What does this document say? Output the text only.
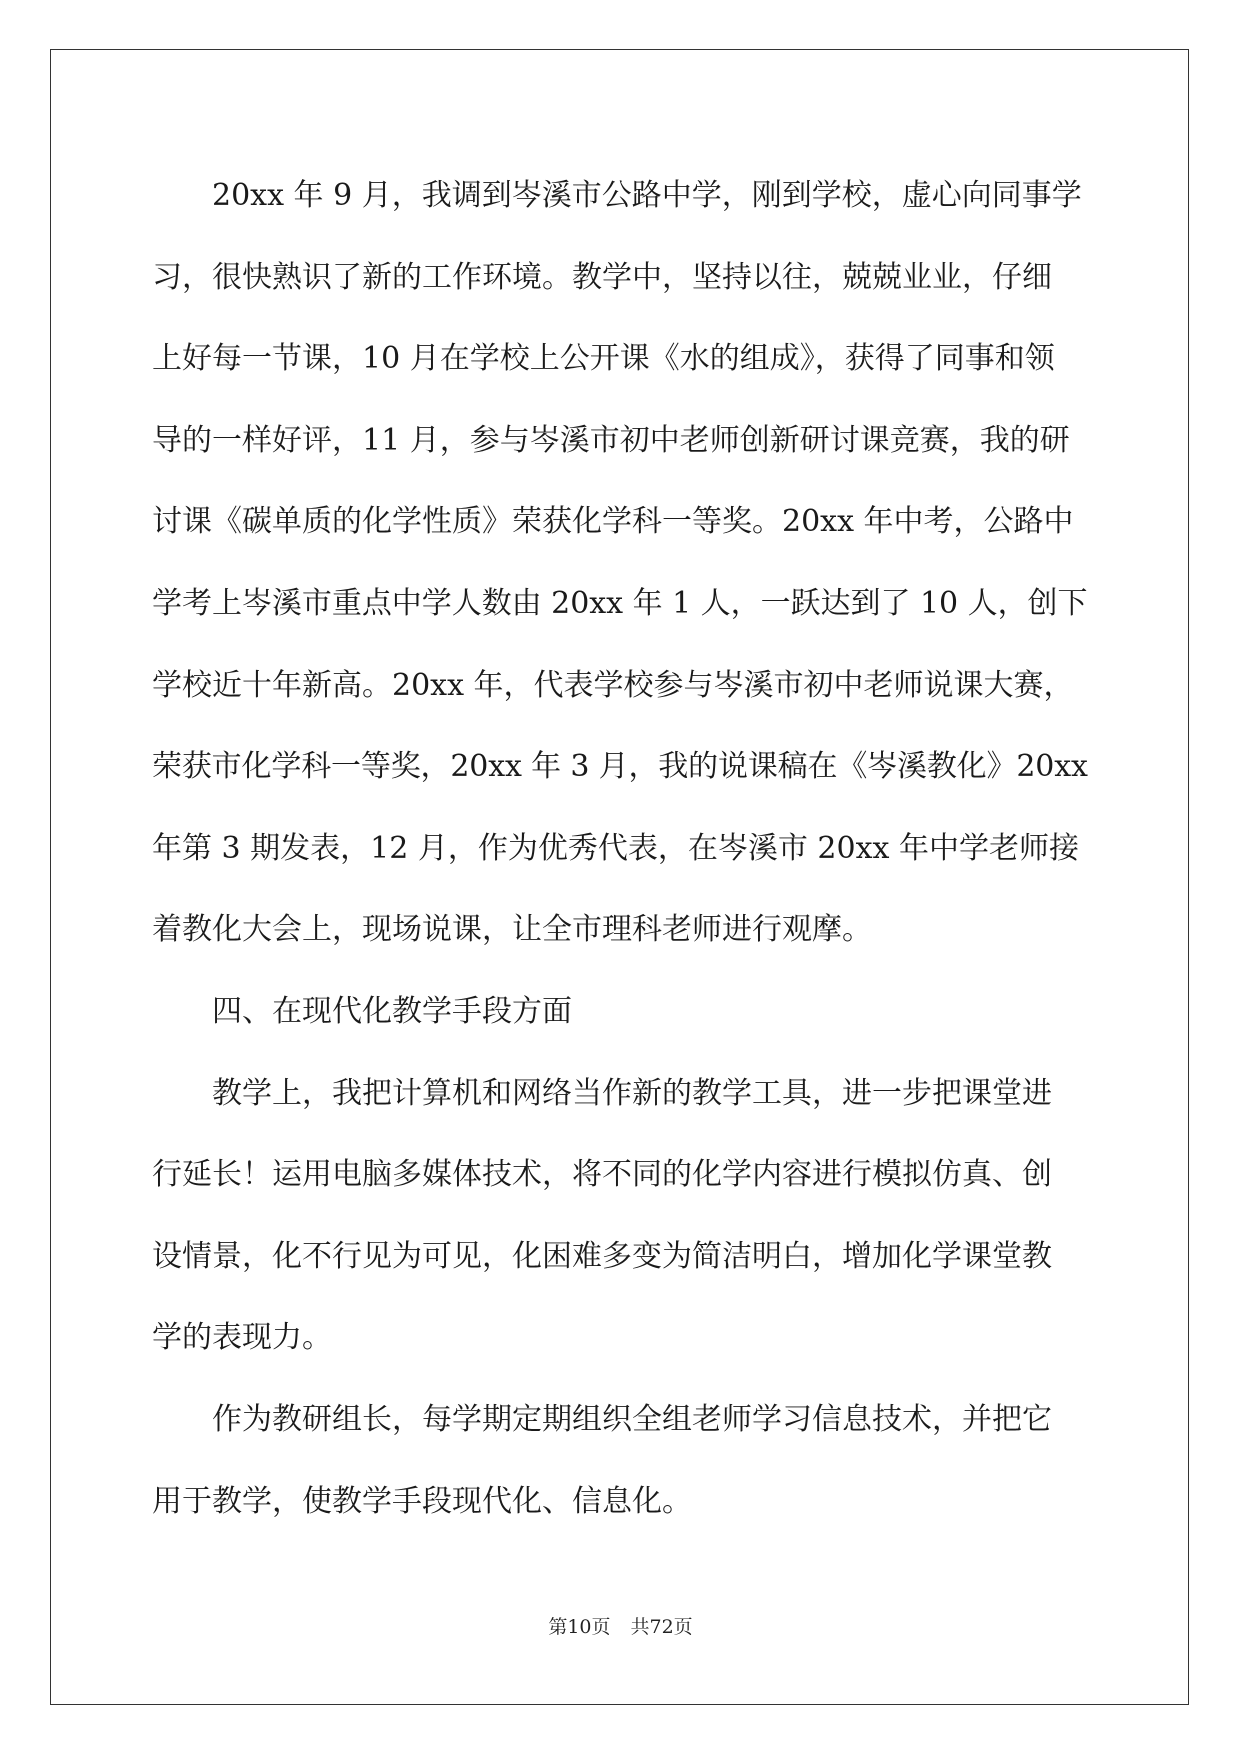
20xx 年 9 月，我调到岑溪市公路中学，刚到学校，虚心向同事学
习，很快熟识了新的工作环境。教学中，坚持以往，兢兢业业，仔细
上好每一节课，10 月在学校上公开课《水的组成》，获得了同事和领
导的一样好评，11 月，参与岑溪市初中老师创新研讨课竞赛，我的研
讨课《碳单质的化学性质》荣获化学科一等奖。20xx 年中考，公路中
学考上岑溪市重点中学人数由 20xx 年 1 人，一跃达到了 10 人，创下
学校近十年新高。20xx 年，代表学校参与岑溪市初中老师说课大赛，
荣获市化学科一等奖，20xx 年 3 月，我的说课稿在《岑溪教化》20xx
年第 3 期发表，12 月，作为优秀代表，在岑溪市 20xx 年中学老师接
着教化大会上，现场说课，让全市理科老师进行观摩。
四、在现代化教学手段方面
教学上，我把计算机和网络当作新的教学工具，进一步把课堂进
行延长！运用电脑多媒体技术，将不同的化学内容进行模拟仿真、创
设情景，化不行见为可见，化困难多变为简洁明白，增加化学课堂教
学的表现力。
作为教研组长，每学期定期组织全组老师学习信息技术，并把它
用于教学，使教学手段现代化、信息化。
第10页 共72页
